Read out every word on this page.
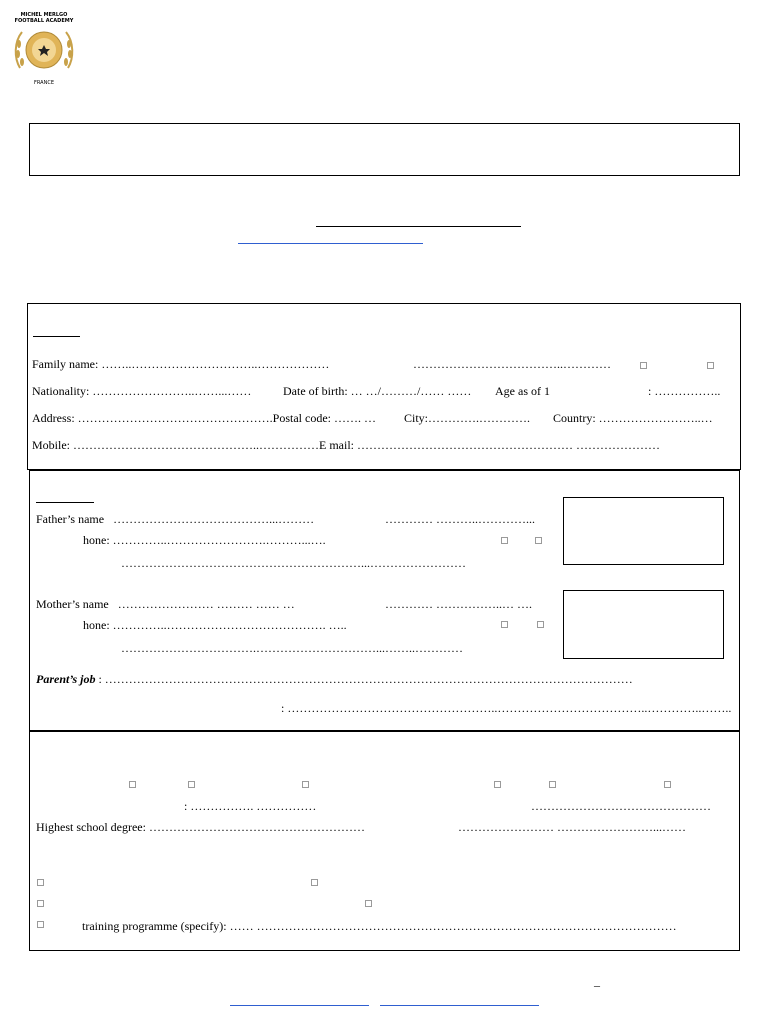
MICHEL MERLGO
FOOTBALL ACADEMY
FRANCE
Family name: ……..…………………………..………………	………………………………..…………
Nationality: ……………………..……...……	Date of birth: … …/………/…… …… Age as of 1	: ……………..
Address: ………………………………………….Postal code: ……. … City:………….…………. Country: ……………………..…
Mobile: ………………………………………..……………E mail: ……………………………………………… …………………
Father’s name …………………………………...………	………… ………..…………...
hone: …………..…………………….………...….
……………………………………………………...……………………
Mother’s name …………………… ……… …… …	………… ……………..… ….
hone: …………..…………………………………. …..
…………………………….…………………………...……..…………
Parent’s job : ……………………………………………………………………………………………………………………
: ……………………………………………..………………………………..…………..……..
: ……………. ……………	………………………………………
Highest school degree: ………………………………………………	…………………… ……………………...……
training programme (specify): …… ……………………………………………………………………………………………
–
